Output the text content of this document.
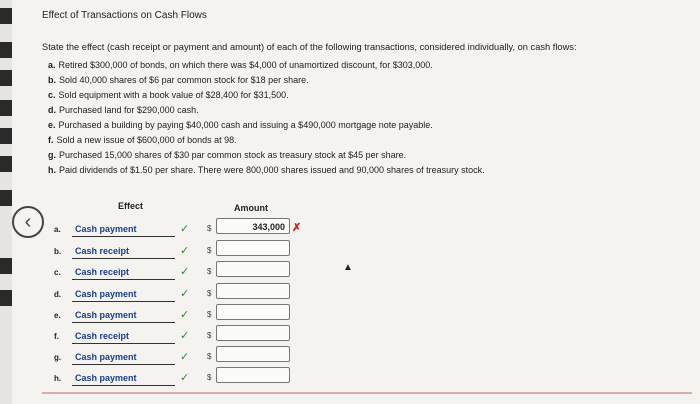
‹
Effect of Transactions on Cash Flows
State the effect (cash receipt or payment and amount) of each of the following transactions, considered individually, on cash flows:
a. Retired $300,000 of bonds, on which there was $4,000 of unamortized discount, for $303,000.
b. Sold 40,000 shares of $6 par common stock for $18 per share.
c. Sold equipment with a book value of $28,400 for $31,500.
d. Purchased land for $290,000 cash.
e. Purchased a building by paying $40,000 cash and issuing a $490,000 mortgage note payable.
f. Sold a new issue of $600,000 of bonds at 98.
g. Purchased 15,000 shares of $30 par common stock as treasury stock at $45 per share.
h. Paid dividends of $1.50 per share. There were 800,000 shares issued and 90,000 shares of treasury stock.
Effect	Amount
a.	Cash payment	✓ $	343,000 ✗
b.	Cash receipt	✓ $
c.	Cash receipt	✓ $
d.	Cash payment	✓ $
e.	Cash payment	✓ $
f.	Cash receipt	✓ $
g.	Cash payment	✓ $
h.	Cash payment	✓ $
▲
